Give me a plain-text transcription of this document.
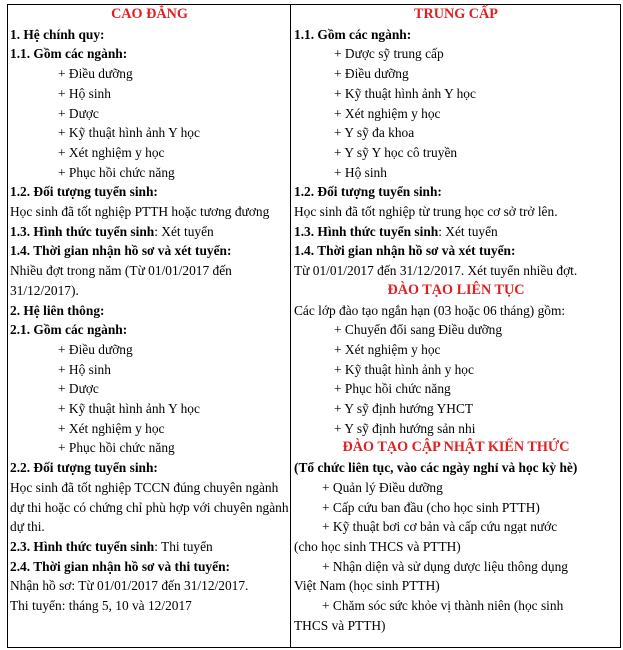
CAO ĐẲNG
1. Hệ chính quy:
1.1. Gồm các ngành:
+ Điều dưỡng
+ Hộ sinh
+ Dược
+ Kỹ thuật hình ảnh Y học
+ Xét nghiệm y học
+ Phục hồi chức năng
1.2. Đối tượng tuyển sinh:
Học sinh đã tốt nghiệp PTTH hoặc tương đương
1.3. Hình thức tuyển sinh: Xét tuyển
1.4. Thời gian nhận hồ sơ và xét tuyển:
Nhiều đợt trong năm (Từ 01/01/2017 đến 31/12/2017).
2. Hệ liên thông:
2.1. Gồm các ngành:
+ Điều dưỡng
+ Hộ sinh
+ Dược
+ Kỹ thuật hình ảnh Y học
+ Xét nghiệm y học
+ Phục hồi chức năng
2.2. Đối tượng tuyển sinh:
Học sinh đã tốt nghiệp TCCN đúng chuyên ngành dự thi hoặc có chứng chỉ phù hợp với chuyên ngành dự thi.
2.3. Hình thức tuyển sinh: Thi tuyển
2.4. Thời gian nhận hồ sơ và thi tuyển:
Nhận hồ sơ: Từ 01/01/2017 đến 31/12/2017.
Thi tuyển: tháng 5, 10 và 12/2017
TRUNG CẤP
1.1. Gồm các ngành:
+ Dược sỹ trung cấp
+ Điều dưỡng
+ Kỹ thuật hình ảnh Y học
+ Xét nghiệm y học
+ Y sỹ đa khoa
+ Y sỹ Y học cô truyền
+ Hộ sinh
1.2. Đối tượng tuyển sinh:
Học sinh đã tốt nghiệp từ trung học cơ sở trở lên.
1.3. Hình thức tuyển sinh: Xét tuyển
1.4. Thời gian nhận hồ sơ và xét tuyển:
Từ 01/01/2017 đến 31/12/2017. Xét tuyển nhiều đợt.
ĐÀO TẠO LIÊN TỤC
Các lớp đào tạo ngắn hạn (03 hoặc 06 tháng) gồm:
+ Chuyển đổi sang Điều dưỡng
+ Xét nghiệm y học
+ Kỹ thuật hình ảnh y học
+ Phục hồi chức năng
+ Y sỹ định hướng YHCT
+ Y sỹ định hướng sản nhi
ĐÀO TẠO CẬP NHẬT KIẾN THỨC
(Tổ chức liên tục, vào các ngày nghỉ và học kỳ hè)
+ Quản lý Điều dưỡng
+ Cấp cứu ban đầu (cho học sinh PTTH)
+ Kỹ thuật bơi cơ bản và cấp cứu ngạt nước
(cho học sinh THCS và PTTH)
+ Nhận diện và sử dụng dược liệu thông dụng
Việt Nam (học sinh PTTH)
+ Chăm sóc sức khỏe vị thành niên (học sinh
THCS và PTTH)
